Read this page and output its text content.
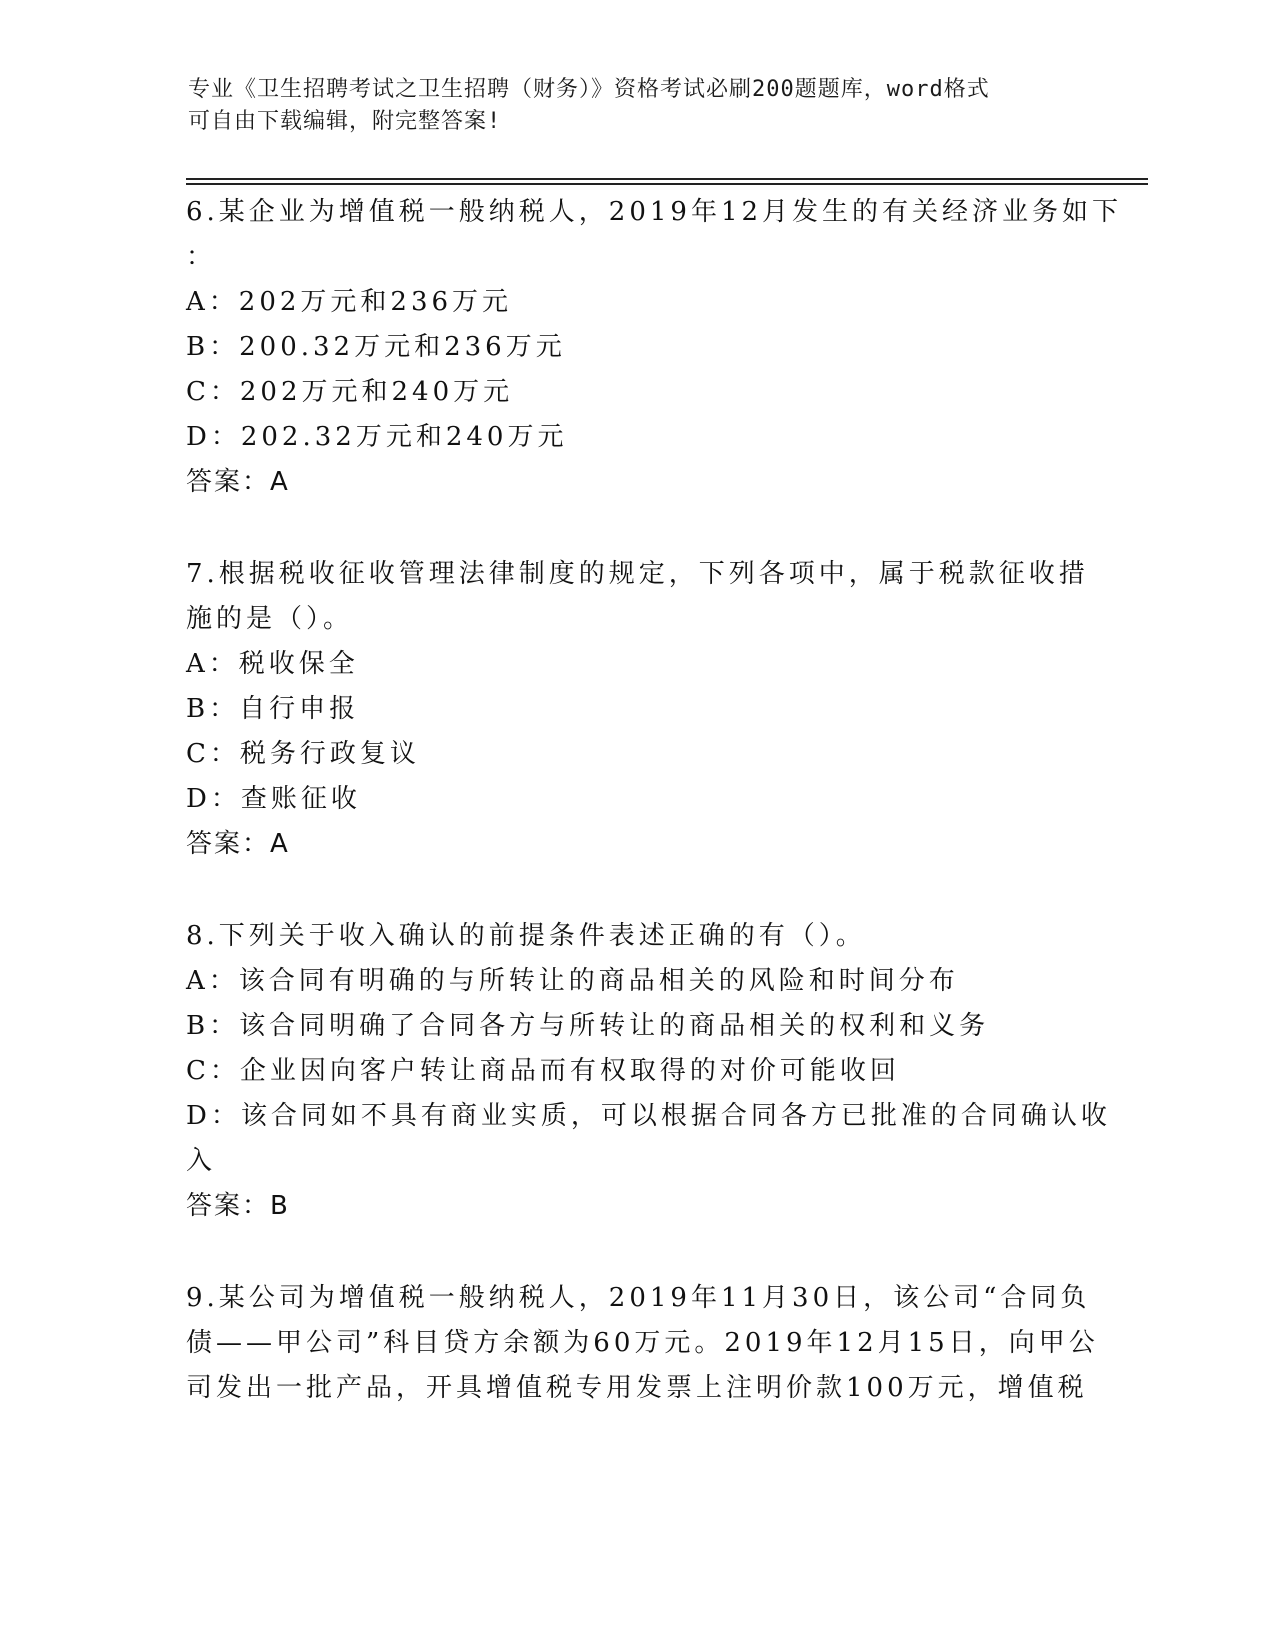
专业《卫生招聘考试之卫生招聘（财务）》资格考试必刷200题题库，word格式
可自由下载编辑，附完整答案!
6.某企业为增值税一般纳税人，2019年12月发生的有关经济业务如下
：
A：202万元和236万元
B：200.32万元和236万元
C：202万元和240万元
D：202.32万元和240万元
答案：A
7.根据税收征收管理法律制度的规定，下列各项中，属于税款征收措
施的是（）。
A：税收保全
B：自行申报
C：税务行政复议
D：查账征收
答案：A
8.下列关于收入确认的前提条件表述正确的有（）。
A：该合同有明确的与所转让的商品相关的风险和时间分布
B：该合同明确了合同各方与所转让的商品相关的权利和义务
C：企业因向客户转让商品而有权取得的对价可能收回
D：该合同如不具有商业实质，可以根据合同各方已批准的合同确认收
入
答案：B
9.某公司为增值税一般纳税人，2019年11月30日，该公司“合同负
债——甲公司”科目贷方余额为60万元。2019年12月15日，向甲公
司发出一批产品，开具增值税专用发票上注明价款100万元，增值税
